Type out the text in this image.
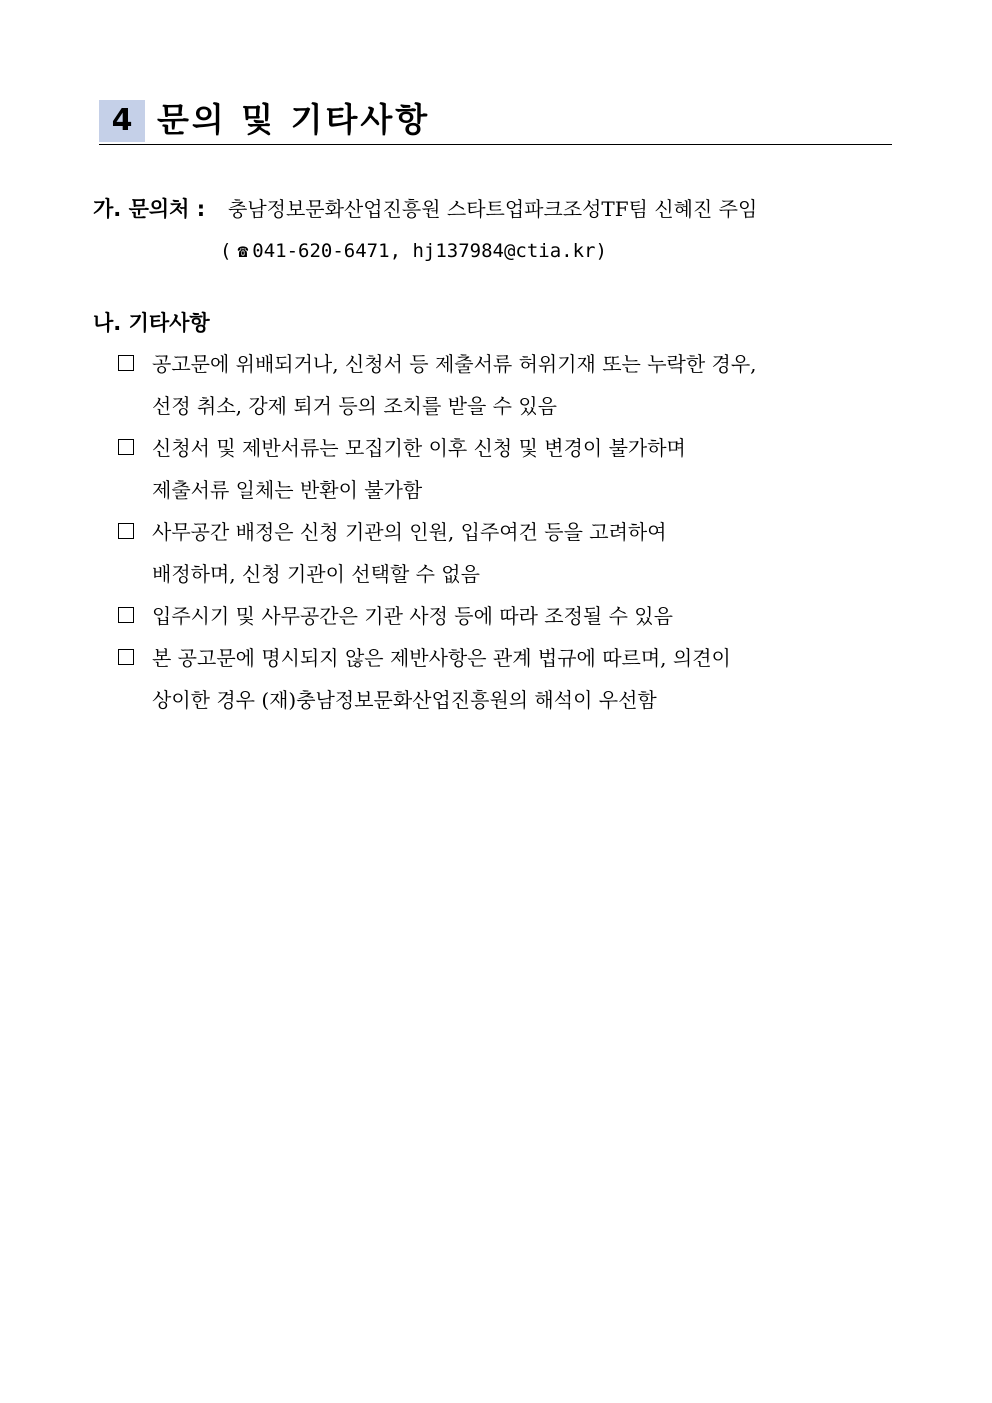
4 문의 및 기타사항
가. 문의처 : 충남정보문화산업진흥원 스타트업파크조성TF팀 신혜진 주임
( ☎ 041-620-6471, hj137984@ctia.kr)
나. 기타사항
공고문에 위배되거나, 신청서 등 제출서류 허위기재 또는 누락한 경우,
선정 취소, 강제 퇴거 등의 조치를 받을 수 있음
신청서 및 제반서류는 모집기한 이후 신청 및 변경이 불가하며
제출서류 일체는 반환이 불가함
사무공간 배정은 신청 기관의 인원, 입주여건 등을 고려하여
배정하며, 신청 기관이 선택할 수 없음
입주시기 및 사무공간은 기관 사정 등에 따라 조정될 수 있음
본 공고문에 명시되지 않은 제반사항은 관계 법규에 따르며, 의견이
상이한 경우 (재)충남정보문화산업진흥원의 해석이 우선함
